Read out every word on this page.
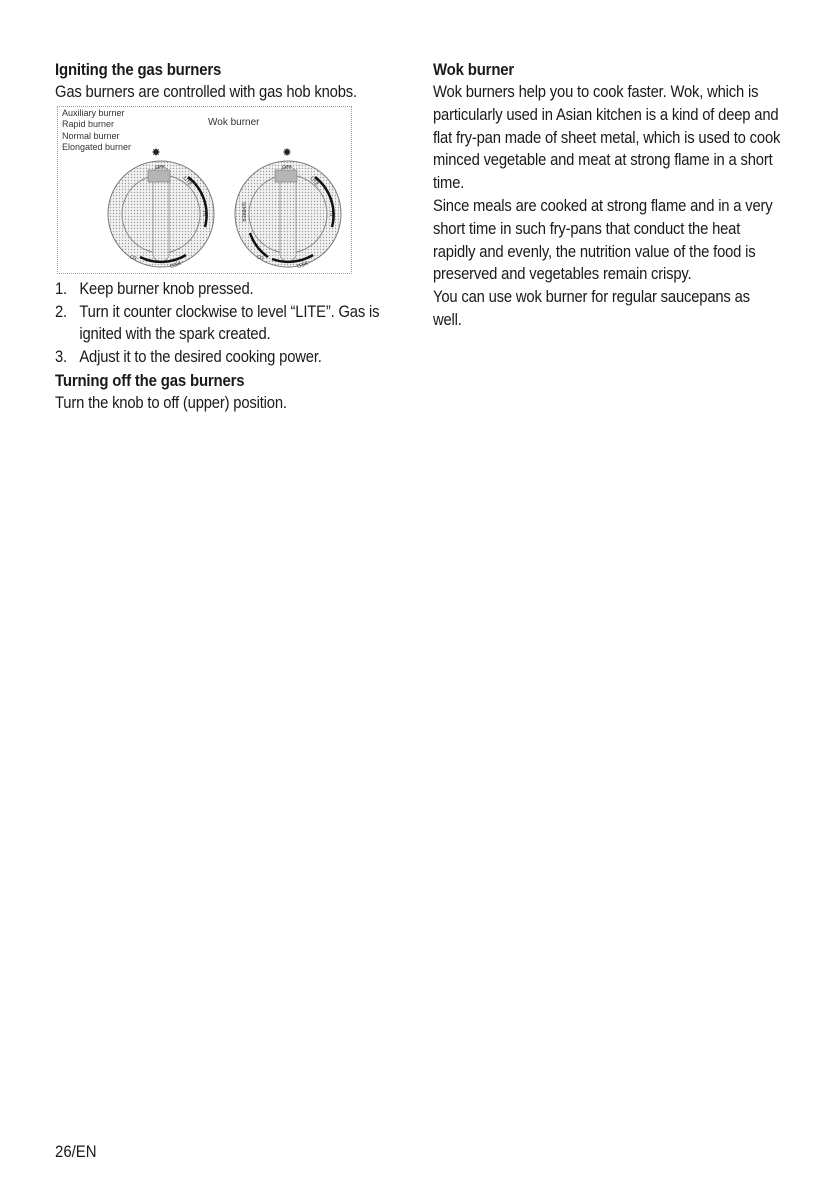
Igniting the gas burners

Gas burners are controlled with gas hob knobs.

Auxiliary burner
Rapid burner
Normal burner
Elongated burner
Wok burner
✸
OFF
LITE
HI
LO
MED
✸
OFF
LITE
HI
SIMMER
LO
MED
1. Keep burner knob pressed.
2. Turn it counter clockwise to level “LITE”. Gas is ignited with the spark created.
3. Adjust it to the desired cooking power.

Turning off the gas burners

Turn the knob to off (upper) position.

Wok burner

Wok burners help you to cook faster. Wok, which is particularly used in Asian kitchen is a kind of deep and flat fry-pan made of sheet metal, which is used to cook minced vegetable and meat at strong flame in a short time.

Since meals are cooked at strong flame and in a very short time in such fry-pans that conduct the heat rapidly and evenly, the nutrition value of the food is preserved and vegetables remain crispy.

You can use wok burner for regular saucepans as well.

26/EN
